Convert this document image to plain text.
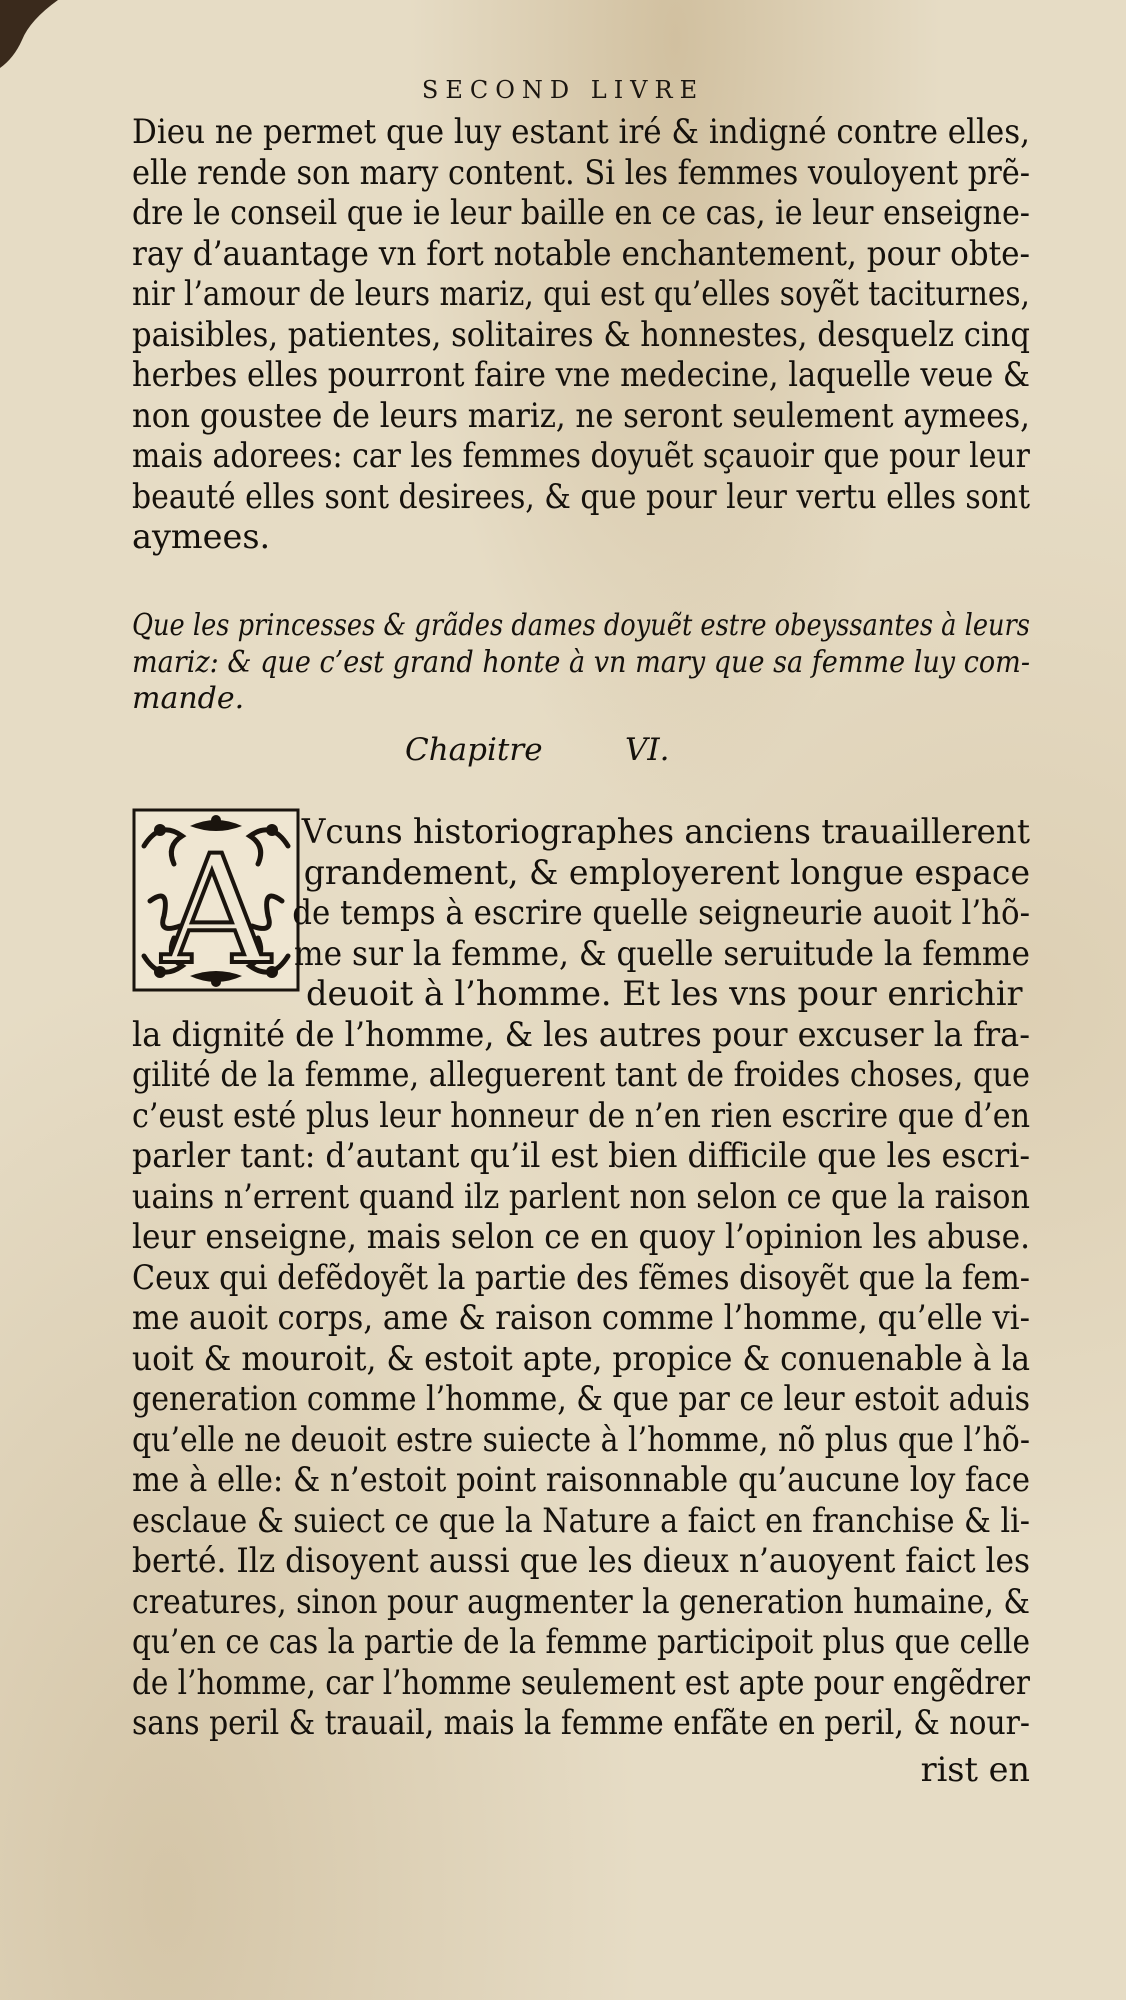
SECOND LIVRE
Dieu ne permet que luy estant iré & indigné contre elles,
elle rende son mary content. Si les femmes vouloyent prẽ-
dre le conseil que ie leur baille en ce cas, ie leur enseigne-
ray d’auantage vn fort notable enchantement, pour obte-
nir l’amour de leurs mariz, qui est qu’elles soyẽt taciturnes,
paisibles, patientes, solitaires & honnestes, desquelz cinq
herbes elles pourront faire vne medecine, laquelle veue &
non goustee de leurs mariz, ne seront seulement aymees,
mais adorees: car les femmes doyuẽt sçauoir que pour leur
beauté elles sont desirees, & que pour leur vertu elles sont
aymees.
Que les princesses & grãdes dames doyuẽt estre obeyssantes à leurs
mariz: & que c’est grand honte à vn mary que sa femme luy com-
mande.
Chapitre	VI.
A Vcuns historiographes anciens trauaillerent
grandement, & employerent longue espace
de temps à escrire quelle seigneurie auoit l’hõ-
me sur la femme, & quelle seruitude la femme
deuoit à l’homme. Et les vns pour enrichir
la dignité de l’homme, & les autres pour excuser la fra-
gilité de la femme, alleguerent tant de froides choses, que
c’eust esté plus leur honneur de n’en rien escrire que d’en
parler tant: d’autant qu’il est bien difficile que les escri-
uains n’errent quand ilz parlent non selon ce que la raison
leur enseigne, mais selon ce en quoy l’opinion les abuse.
Ceux qui defẽdoyẽt la partie des fẽmes disoyẽt que la fem-
me auoit corps, ame & raison comme l’homme, qu’elle vi-
uoit & mouroit, & estoit apte, propice & conuenable à la
generation comme l’homme, & que par ce leur estoit aduis
qu’elle ne deuoit estre suiecte à l’homme, nõ plus que l’hõ-
me à elle: & n’estoit point raisonnable qu’aucune loy face
esclaue & suiect ce que la Nature a faict en franchise & li-
berté. Ilz disoyent aussi que les dieux n’auoyent faict les
creatures, sinon pour augmenter la generation humaine, &
qu’en ce cas la partie de la femme participoit plus que celle
de l’homme, car l’homme seulement est apte pour engẽdrer
sans peril & trauail, mais la femme enfãte en peril, & nour-
rist en
